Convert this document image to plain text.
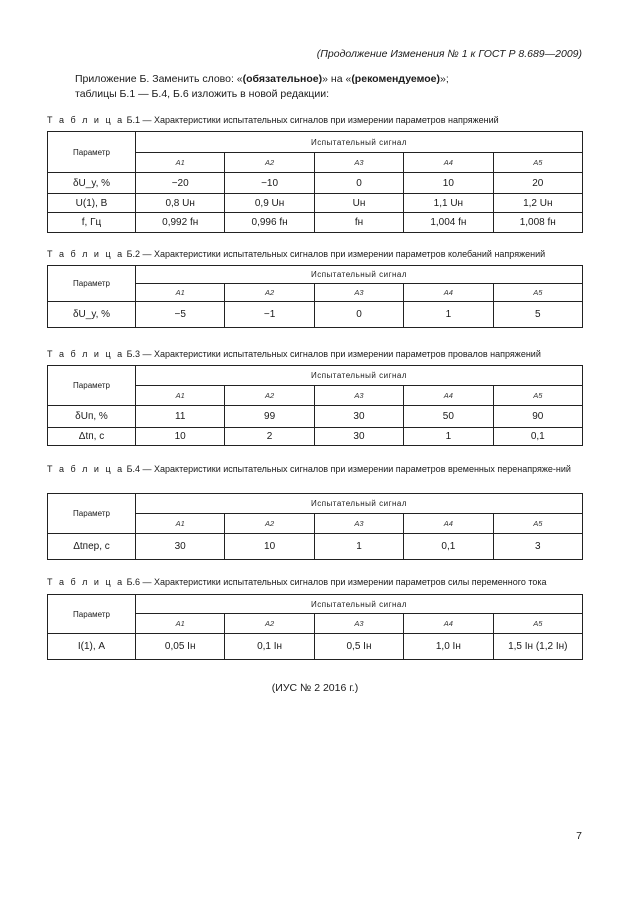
(Продолжение Изменения № 1 к ГОСТ Р 8.689—2009)
Приложение Б. Заменить слово: «(обязательное)» на «(рекомендуемое)»;
таблицы Б.1 — Б.4, Б.6 изложить в новой редакции:
Т а б л и ц а Б.1 — Характеристики испытательных сигналов при измерении параметров напряжений
Параметр	Испытательный сигнал				
	A1	A2	A3	A4	A5
δU_y, %	−20	−10	0	10	20
U(1), В	0,8 Uн	0,9 Uн	Uн	1,1 Uн	1,2 Uн
f, Гц	0,992 fн	0,996 fн	fн	1,004 fн	1,008 fн
Т а б л и ц а Б.2 — Характеристики испытательных сигналов при измерении параметров колебаний напряжений
Параметр	Испытательный сигнал				
	A1	A2	A3	A4	A5
δU_y, %	−5	−1	0	1	5
Т а б л и ц а Б.3 — Характеристики испытательных сигналов при измерении параметров провалов напряжений
Параметр	Испытательный сигнал				
	A1	A2	A3	A4	A5
δUп, %	11	99	30	50	90
Δtп, с	10	2	30	1	0,1
Т а б л и ц а Б.4 — Характеристики испытательных сигналов при измерении параметров временных перенапряже-ний
Параметр	Испытательный сигнал				
	A1	A2	A3	A4	A5
Δtпер, с	30	10	1	0,1	3
Т а б л и ц а Б.6 — Характеристики испытательных сигналов при измерении параметров силы переменного тока
Параметр	Испытательный сигнал				
	A1	A2	A3	A4	A5
I(1), А	0,05 Iн	0,1 Iн	0,5 Iн	1,0 Iн	1,5 Iн (1,2 Iн)
(ИУС № 2 2016 г.)
7
